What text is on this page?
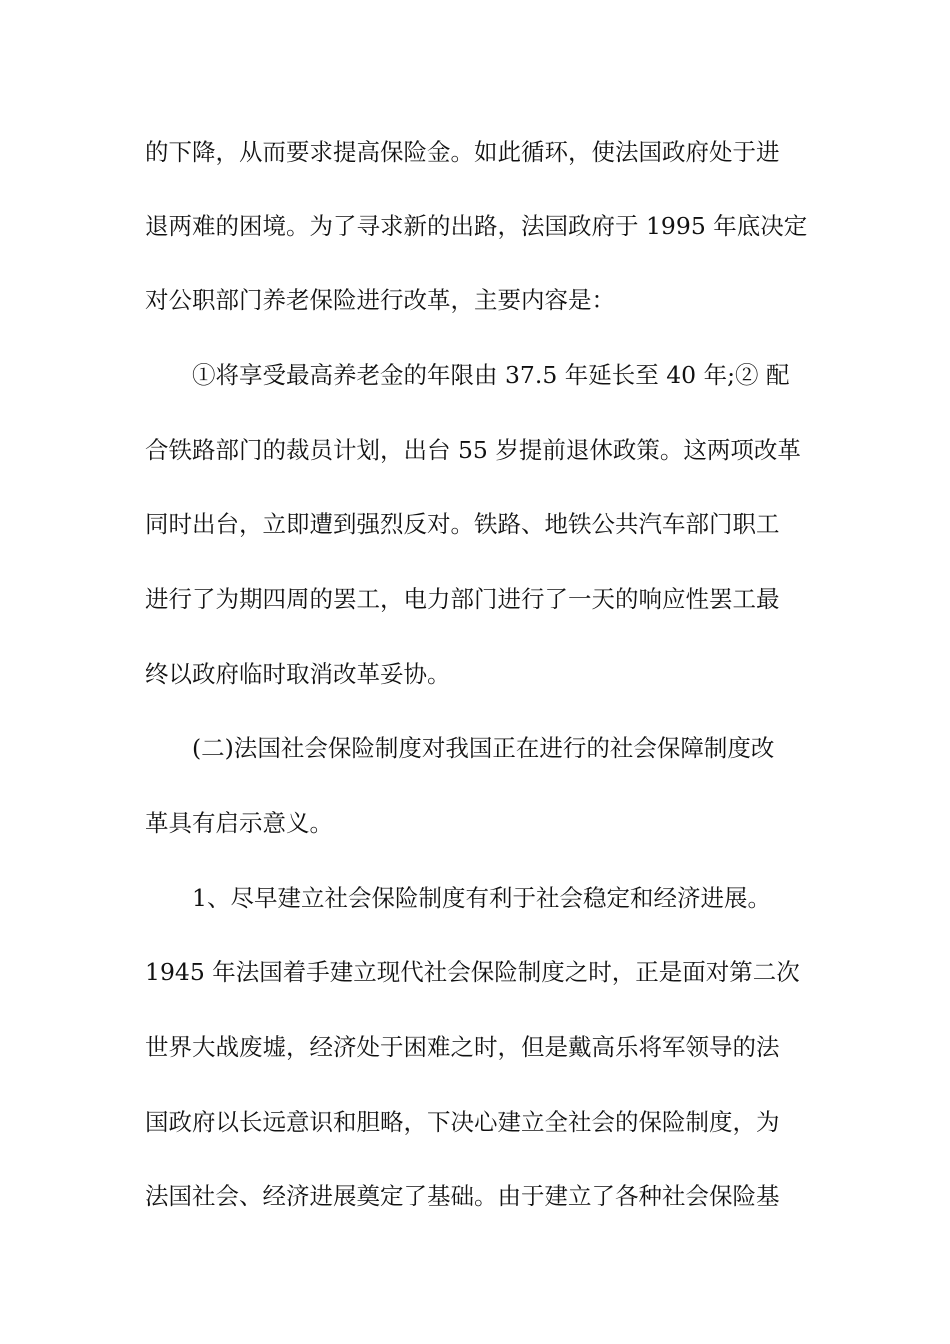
的下降，从而要求提高保险金。如此循环，使法国政府处于进
退两难的困境。为了寻求新的出路，法国政府于 1995 年底决定
对公职部门养老保险进行改革，主要内容是：
①将享受最高养老金的年限由 37.5 年延长至 40 年;② 配
合铁路部门的裁员计划，出台 55 岁提前退休政策。这两项改革
同时出台，立即遭到强烈反对。铁路、地铁公共汽车部门职工
进行了为期四周的罢工，电力部门进行了一天的响应性罢工最
终以政府临时取消改革妥协。
(二)法国社会保险制度对我国正在进行的社会保障制度改
革具有启示意义。
1、尽早建立社会保险制度有利于社会稳定和经济进展。
1945 年法国着手建立现代社会保险制度之时，正是面对第二次
世界大战废墟，经济处于困难之时，但是戴高乐将军领导的法
国政府以长远意识和胆略，下决心建立全社会的保险制度，为
法国社会、经济进展奠定了基础。由于建立了各种社会保险基
